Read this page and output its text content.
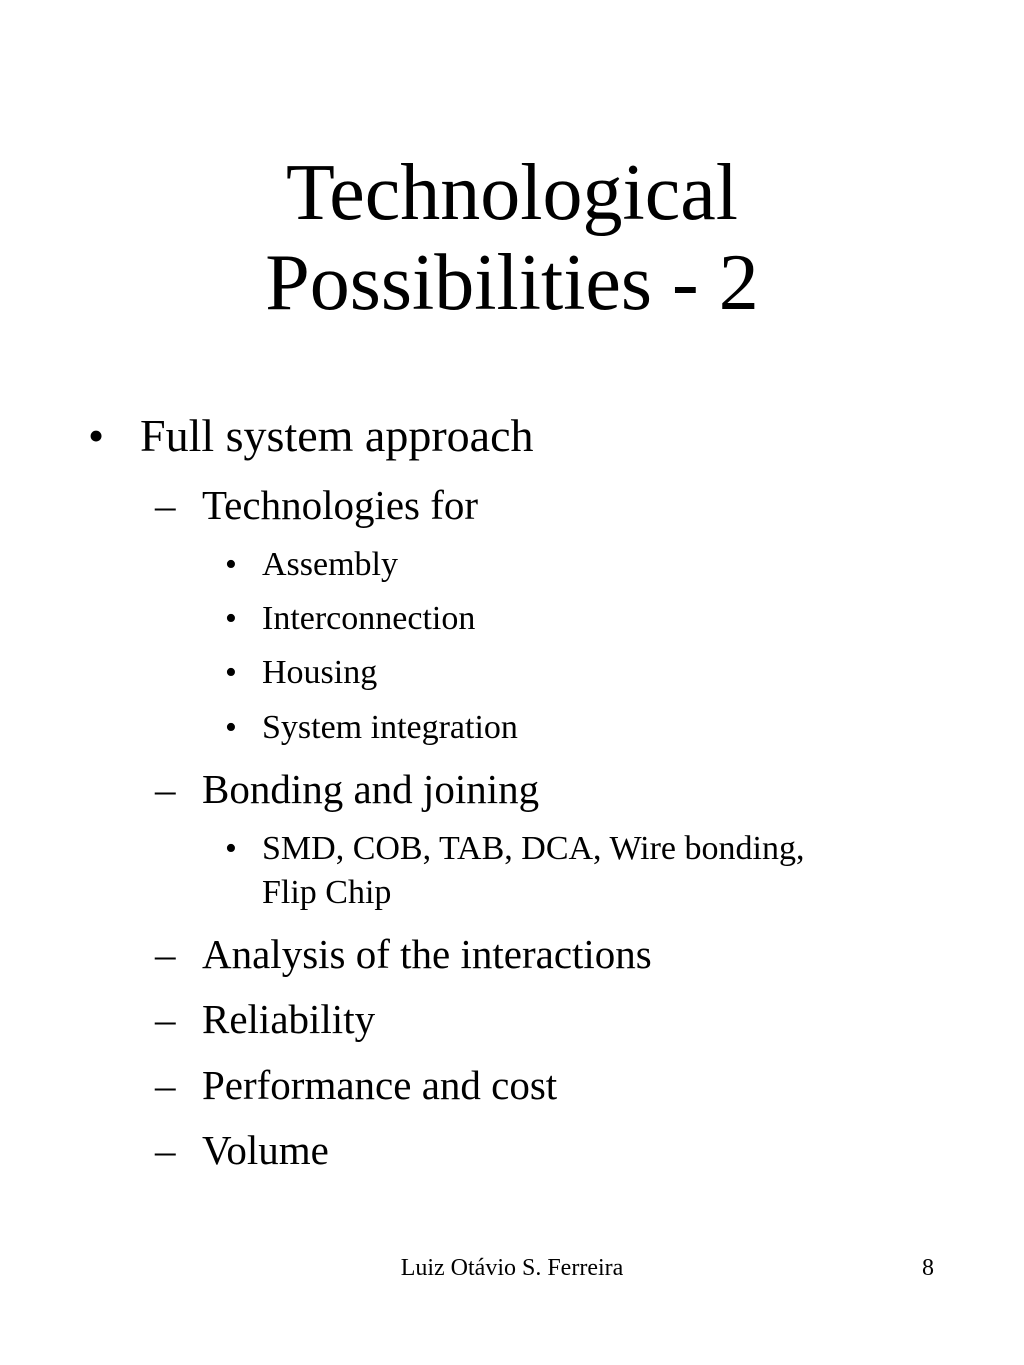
Technological
Possibilities - 2
• Full system approach
– Technologies for
• Assembly
• Interconnection
• Housing
• System integration
– Bonding and joining
• SMD, COB, TAB, DCA, Wire bonding,
Flip Chip
– Analysis of the interactions
– Reliability
– Performance and cost
– Volume
Luiz Otávio S. Ferreira	8
